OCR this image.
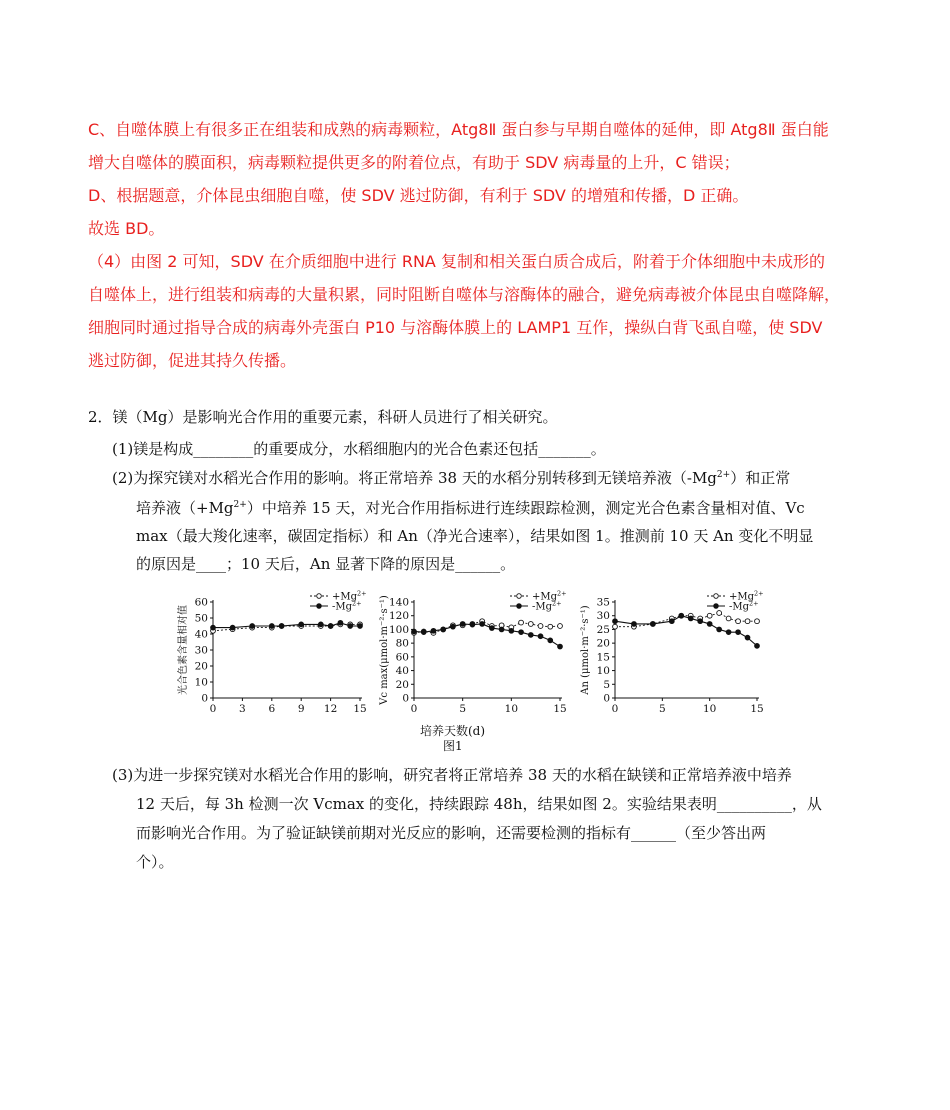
C、自噬体膜上有很多正在组装和成熟的病毒颗粒，Atg8Ⅱ 蛋白参与早期自噬体的延伸，即 Atg8Ⅱ 蛋白能
增大自噬体的膜面积，病毒颗粒提供更多的附着位点，有助于 SDV 病毒量的上升，C 错误；
D、根据题意，介体昆虫细胞自噬，使 SDV 逃过防御，有利于 SDV 的增殖和传播，D 正确。
故选 BD。
（4）由图 2 可知，SDV 在介质细胞中进行 RNA 复制和相关蛋白质合成后，附着于介体细胞中未成形的
自噬体上，进行组装和病毒的大量积累，同时阻断自噬体与溶酶体的融合，避免病毒被介体昆虫自噬降解，
细胞同时通过指导合成的病毒外壳蛋白 P10 与溶酶体膜上的 LAMP1 互作，操纵白背飞虱自噬，使 SDV
逃过防御，促进其持久传播。
2．镁（Mg）是影响光合作用的重要元素，科研人员进行了相关研究。
(1)镁是构成________的重要成分，水稻细胞内的光合色素还包括_______。
(2)为探究镁对水稻光合作用的影响。将正常培养 38 天的水稻分别转移到无镁培养液$(-Mg^{2+})$和正常
培养液$(+Mg^{2+})$中培养 15 天，对光合作用指标进行连续跟踪检测，测定光合色素含量相对值、Vc
max（最大羧化速率，碳固定指标）和 An（净光合速率），结果如图 1。推测前 10 天 An 变化不明显
的原因是____；10 天后，An 显著下降的原因是______。
0
10
20
30
40
50
60
0 3 6 9 12 15
光合色素含量相对值
$+Mg^{2+}$
$-Mg^{2+}$
0
20
40
60
80
100
120
140
0	5	10	15
Vc max(μmol·m⁻²·s⁻¹)	$+Mg^{2+}$
$-Mg^{2+}$
0
5
10
15
20
25
30
35
0	5	10	15
An (μmol·m⁻²·s⁻¹)
$+Mg^{2+}$
$-Mg^{2+}$
培养天数(d)
图1
(3)为进一步探究镁对水稻光合作用的影响，研究者将正常培养 38 天的水稻在缺镁和正常培养液中培养
12 天后，每 3h 检测一次 Vcmax 的变化，持续跟踪 48h，结果如图 2。实验结果表明__________，从
而影响光合作用。为了验证缺镁前期对光反应的影响，还需要检测的指标有______（至少答出两
个）。
